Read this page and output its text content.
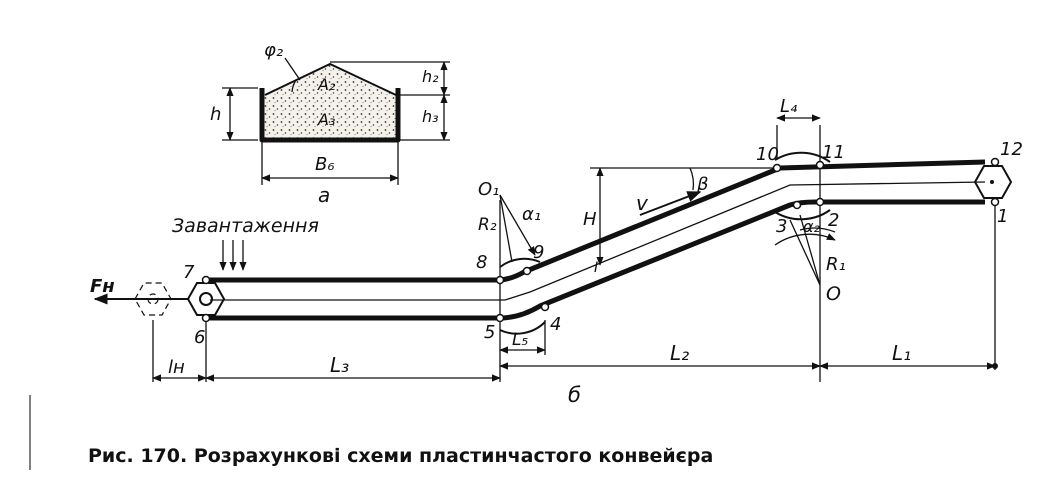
h
h₂
h₃
B₆
φ₂
A₂
A₃
a
Fн
Завантаження	1
2
3
4
5
6
7	8	9
10 11	12
lн	L₃	L₂	L₁
L₅
L₄
O₁
R₂ α₁
α₂
R₁
O
H
β
v
I
б
Рис. 170. Розрахункові схеми пластинчастого конвейєра
